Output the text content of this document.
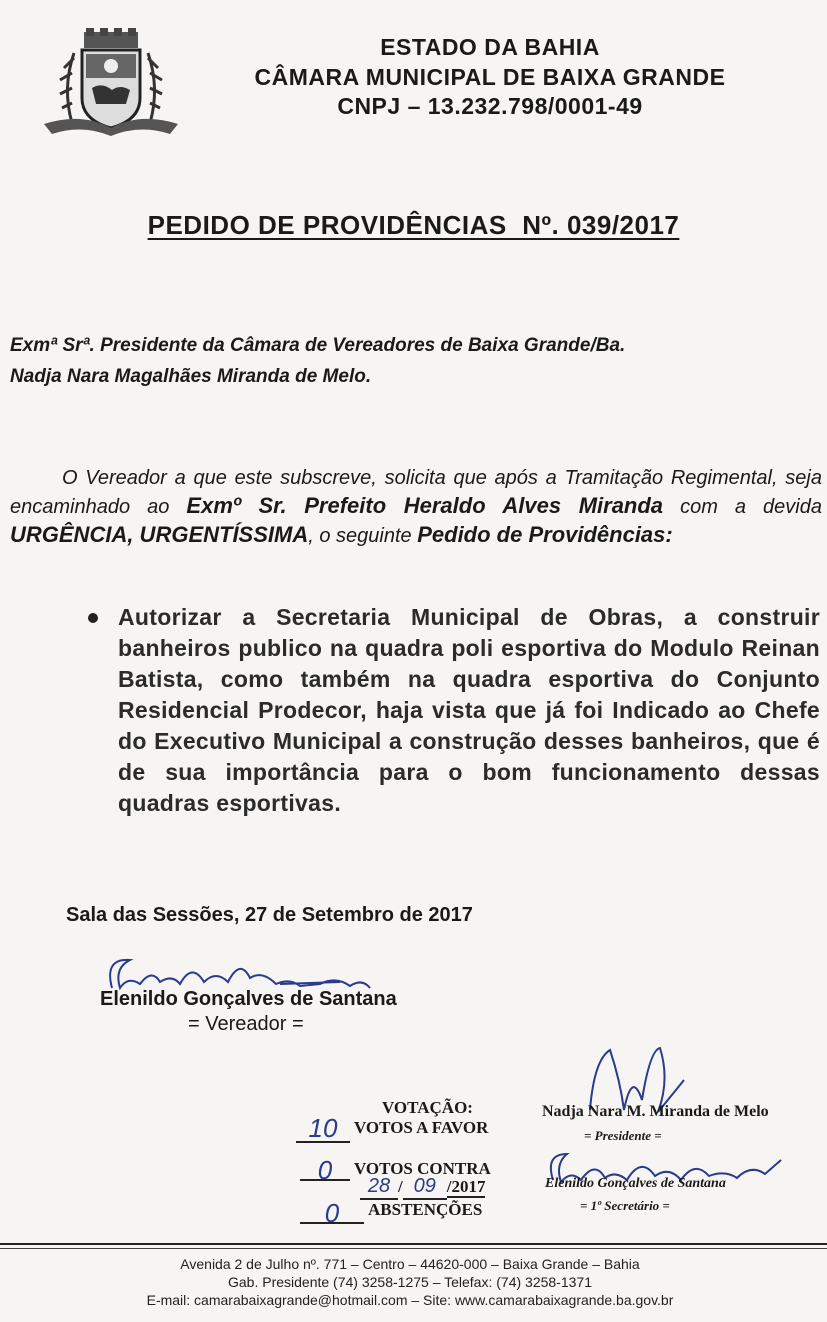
ESTADO DA BAHIA
CÂMARA MUNICIPAL DE BAIXA GRANDE
CNPJ – 13.232.798/0001-49
PEDIDO DE PROVIDÊNCIAS  Nº. 039/2017
Exmª Srª. Presidente da Câmara de Vereadores de Baixa Grande/Ba.
Nadja Nara Magalhães Miranda de Melo.
O Vereador a que este subscreve, solicita que após a Tramitação Regimental, seja encaminhado ao Exmº Sr. Prefeito Heraldo Alves Miranda com a devida URGÊNCIA, URGENTÍSSIMA, o seguinte Pedido de Providências:
Autorizar a Secretaria Municipal de Obras, a construir banheiros publico na quadra poli esportiva do Modulo Reinan Batista, como também na quadra esportiva do Conjunto Residencial Prodecor, haja vista que já foi Indicado ao Chefe do Executivo Municipal a construção desses banheiros, que é de sua importância para o bom funcionamento dessas quadras esportivas.
Sala das Sessões, 27 de Setembro de 2017
Elenildo Gonçalves de Santana
= Vereador =
VOTAÇÃO:
10 VOTOS A FAVOR
0	VOTOS CONTRA
28 / 09 /2017
0	ABSTENÇÕES
Nadja Nara M. Miranda de Melo
= Presidente =
Elenildo Gonçalves de Santana
= 1º Secretário =
Avenida 2 de Julho nº. 771 – Centro – 44620-000 – Baixa Grande – Bahia
Gab. Presidente (74) 3258-1275 – Telefax: (74) 3258-1371
E-mail: camarabaixagrande@hotmail.com – Site: www.camarabaixagrande.ba.gov.br
